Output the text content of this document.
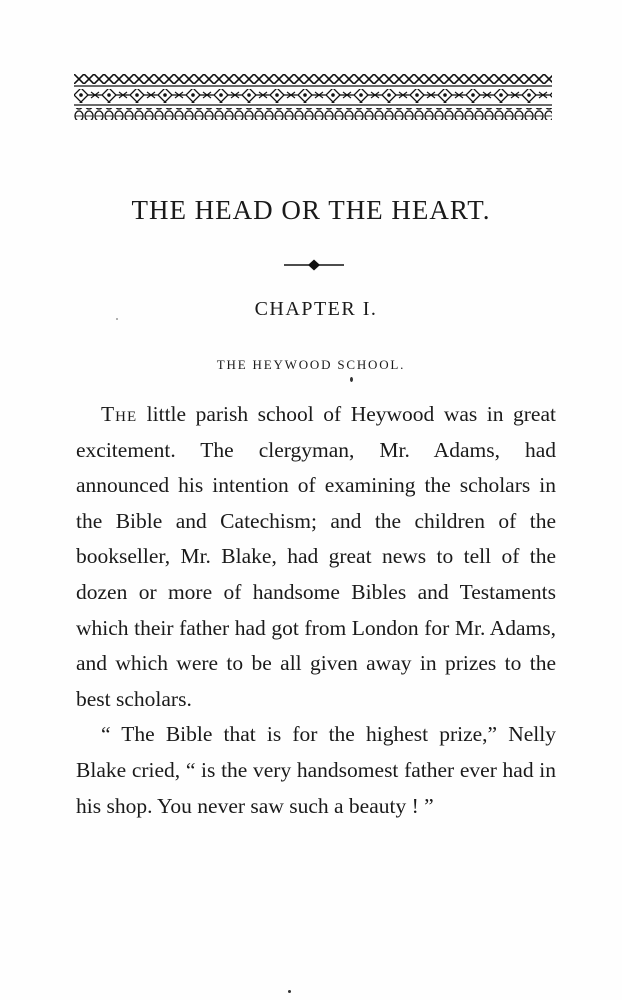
THE HEAD OR THE HEART.
CHAPTER I.
THE HEYWOOD SCHOOL.

The little parish school of Heywood was in great excitement. The clergyman, Mr. Adams, had announced his intention of examining the scholars in the Bible and Catechism; and the children of the bookseller, Mr. Blake, had great news to tell of the dozen or more of handsome Bibles and Testaments which their father had got from London for Mr. Adams, and which were to be all given away in prizes to the best scholars.

“ The Bible that is for the highest prize,” Nelly Blake cried, “ is the very handsomest father ever had in his shop. You never saw such a beauty ! ”
